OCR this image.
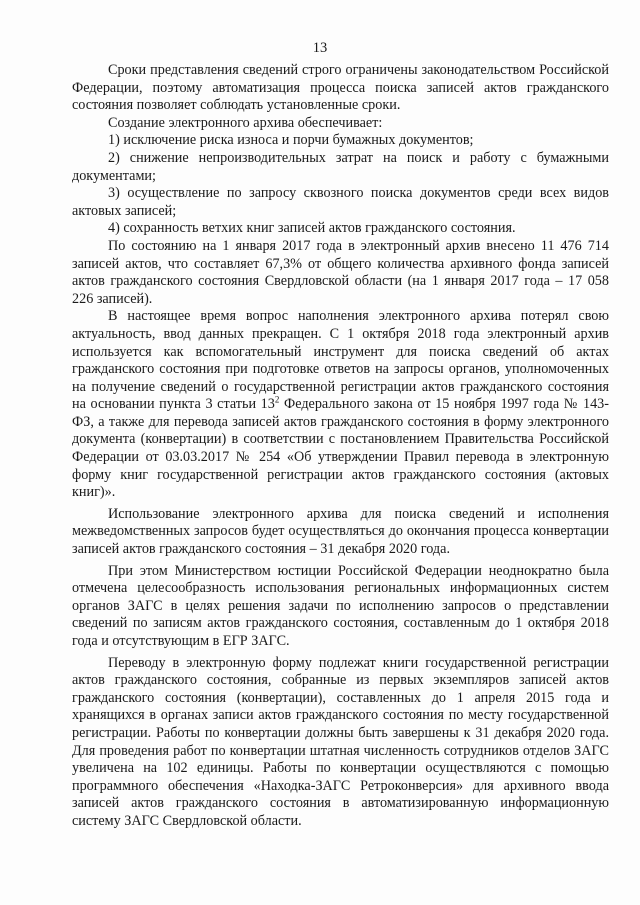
13

Сроки представления сведений строго ограничены законодательством Российской Федерации, поэтому автоматизация процесса поиска записей актов гражданского состояния позволяет соблюдать установленные сроки.

Создание электронного архива обеспечивает:

1) исключение риска износа и порчи бумажных документов;

2) снижение непроизводительных затрат на поиск и работу с бумажными документами;

3) осуществление по запросу сквозного поиска документов среди всех видов актовых записей;

4) сохранность ветхих книг записей актов гражданского состояния.

По состоянию на 1 января 2017 года в электронный архив внесено 11 476 714 записей актов, что составляет 67,3% от общего количества архивного фонда записей актов гражданского состояния Свердловской области (на 1 января 2017 года – 17 058 226 записей).

В настоящее время вопрос наполнения электронного архива потерял свою актуальность, ввод данных прекращен. С 1 октября 2018 года электронный архив используется как вспомогательный инструмент для поиска сведений об актах гражданского состояния при подготовке ответов на запросы органов, уполномоченных на получение сведений о государственной регистрации актов гражданского состояния на основании пункта 3 статьи $13^2$ Федерального закона от 15 ноября 1997 года № 143-ФЗ, а также для перевода записей актов гражданского состояния в форму электронного документа (конвертации) в соответствии с постановлением Правительства Российской Федерации от 03.03.2017 № 254 «Об утверждении Правил перевода в электронную форму книг государственной регистрации актов гражданского состояния (актовых книг)».

Использование электронного архива для поиска сведений и исполнения межведомственных запросов будет осуществляться до окончания процесса конвертации записей актов гражданского состояния – 31 декабря 2020 года.

При этом Министерством юстиции Российской Федерации неоднократно была отмечена целесообразность использования региональных информационных систем органов ЗАГС в целях решения задачи по исполнению запросов о представлении сведений по записям актов гражданского состояния, составленным до 1 октября 2018 года и отсутствующим в ЕГР ЗАГС.

Переводу в электронную форму подлежат книги государственной регистрации актов гражданского состояния, собранные из первых экземпляров записей актов гражданского состояния (конвертации), составленных до 1 апреля 2015 года и хранящихся в органах записи актов гражданского состояния по месту государственной регистрации. Работы по конвертации должны быть завершены к 31 декабря 2020 года. Для проведения работ по конвертации штатная численность сотрудников отделов ЗАГС увеличена на 102 единицы. Работы по конвертации осуществляются с помощью программного обеспечения «Находка-ЗАГС Ретроконверсия» для архивного ввода записей актов гражданского состояния в автоматизированную информационную систему ЗАГС Свердловской области.
